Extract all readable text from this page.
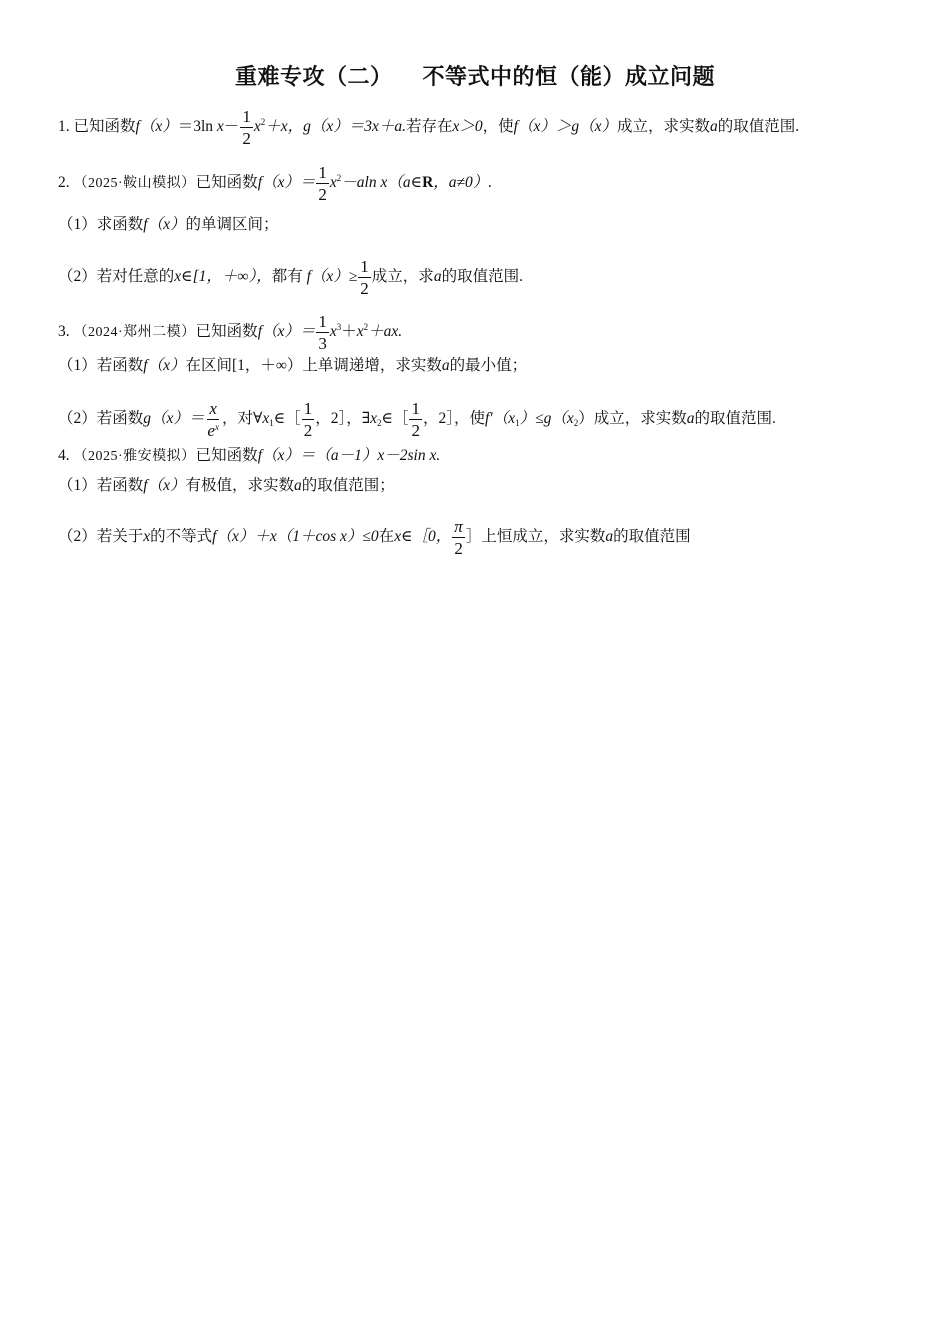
重难专攻（二） 不等式中的恒（能）成立问题
1. 已知函数f（x）＝3ln $x- \frac{1}{2} x^2+x$，g（x）＝3x＋a.若存在x＞0，使f（x）＞g（x）成立，求实数a的取值范围.
2. （2025·鞍山模拟）已知函数$f(x)= \frac{1}{2} x^2-aln$ x（a∈R，a≠0）.
（1）求函数f（x）的单调区间；
（2）若对任意的x∈[1，＋∞），都有 $f(x)\ge \frac{1}{2}$ 成立，求a的取值范围.
3. （2024·郑州二模）已知函数$f(x)= \frac{1}{3} x^3+x^2+ax$.
（1）若函数f（x）在区间[1，＋∞）上单调递增，求实数a的最小值；
（2）若函数$g(x)= \frac{x}{e^x}$ ，对$\forall x_1\in[ \frac{1}{2}$ ，2］，$\exists x_2\in[ \frac{1}{2}$ ，2］，使$f'(x_1)\le g(x_2)$成立，求实数a的取值范围.
4. （2025·雅安模拟）已知函数f（x）＝（a－1）x－2sin x.
（1）若函数f（x）有极值，求实数a的取值范围；
（2）若关于x的不等式f（x）＋x（1＋cos x）≤0在x∈［0， $\frac{\pi}{2}$ ］上恒成立，求实数a的取值范围
